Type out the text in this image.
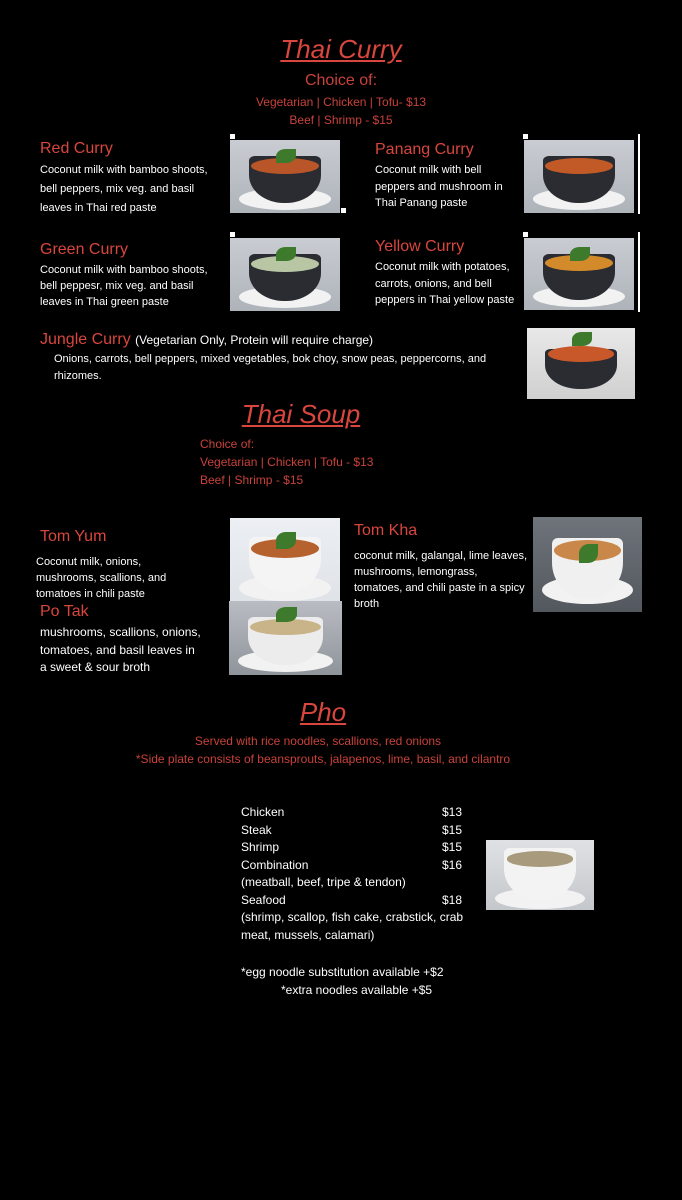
Thai Curry
Choice of:
Vegetarian | Chicken | Tofu- $13
Beef | Shrimp - $15
Red Curry
Coconut milk with bamboo shoots,
bell peppers, mix veg. and basil
leaves in Thai red paste
Panang Curry
Coconut milk with bell
peppers and mushroom in
Thai Panang paste
Green Curry
Coconut milk with bamboo shoots,
bell peppesr, mix veg. and basil
leaves in Thai green paste
Yellow Curry
Coconut milk with potatoes,
carrots, onions, and bell
peppers in Thai yellow paste
Jungle Curry (Vegetarian Only, Protein will require charge)
Onions, carrots, bell peppers, mixed vegetables, bok choy, snow peas, peppercorns, and
rhizomes.
Thai Soup
Choice of:
Vegetarian | Chicken | Tofu - $13
Beef | Shrimp - $15
Tom Yum
Coconut milk, onions,
mushrooms, scallions, and
tomatoes in chili paste
Po Tak
mushrooms, scallions, onions,
tomatoes, and basil leaves in
a sweet & sour broth
Tom Kha
coconut milk, galangal, lime leaves,
mushrooms, lemongrass,
tomatoes, and chili paste in a spicy
broth
Pho
Served with rice noodles, scallions, red onions
*Side plate consists of beansprouts, jalapenos, lime, basil, and cilantro
Chicken	$13
Steak	$15
Shrimp	$15
Combination	$16
(meatball, beef, tripe & tendon)
Seafood	$18
(shrimp, scallop, fish cake, crabstick, crab
meat, mussels, calamari)
*egg noodle substitution available +$2
*extra noodles available +$5
